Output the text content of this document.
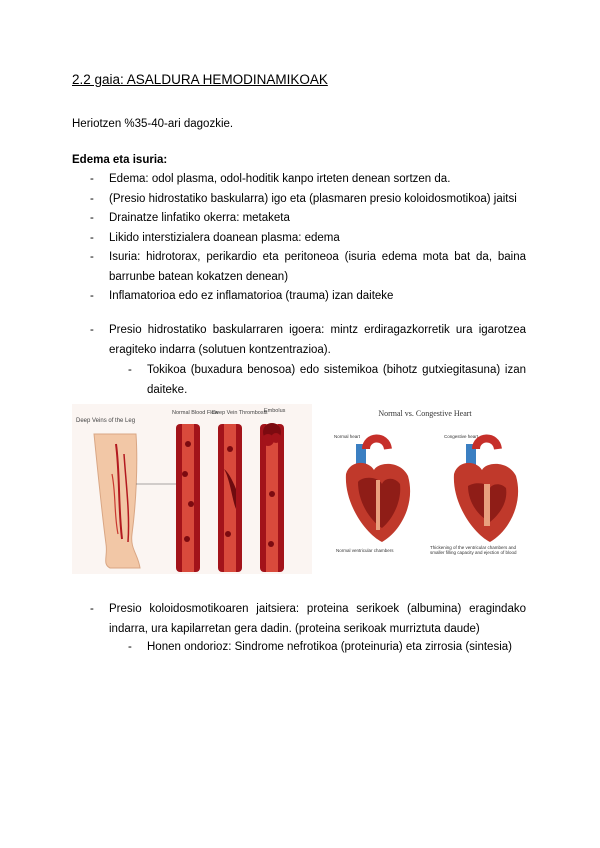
2.2 gaia: ASALDURA HEMODINAMIKOAK
Heriotzen %35-40-ari dagozkie.
Edema eta isuria:
- Edema: odol plasma, odol-hoditik kanpo irteten denean sortzen da.
- (Presio hidrostatiko baskularra) igo eta (plasmaren presio koloidosmotikoa) jaitsi
- Drainatze linfatiko okerra: metaketa
- Likido interstizialera doanean plasma: edema
- Isuria: hidrotorax, perikardio eta peritoneoa (isuria edema mota bat da, baina barrunbe batean kokatzen denean)
- Inflamatorioa edo ez inflamatorioa (trauma) izan daiteke
- Presio hidrostatiko baskularraren igoera: mintz erdiragazkorretik ura igarotzea eragiteko indarra (solutuen kontzentrazioa).
- Tokikoa (buxadura benosoa) edo sistemikoa (bihotz gutxiegitasuna) izan daiteke.
Deep Veins of the Leg
Normal Blood Flow
Deep Vein Thrombosis
Embolus	Normal vs. Congestive Heart
Normal heart	Congestive heart
Normal ventricular chambers
Thickening of the ventricular chambers and smaller filling capacity and ejection of blood
- Presio koloidosmotikoaren jaitsiera: proteina serikoek (albumina) eragindako indarra, ura kapilarretan gera dadin. (proteina serikoak murriztuta daude)
- Honen ondorioz: Sindrome nefrotikoa (proteinuria) eta zirrosia (sintesia)
